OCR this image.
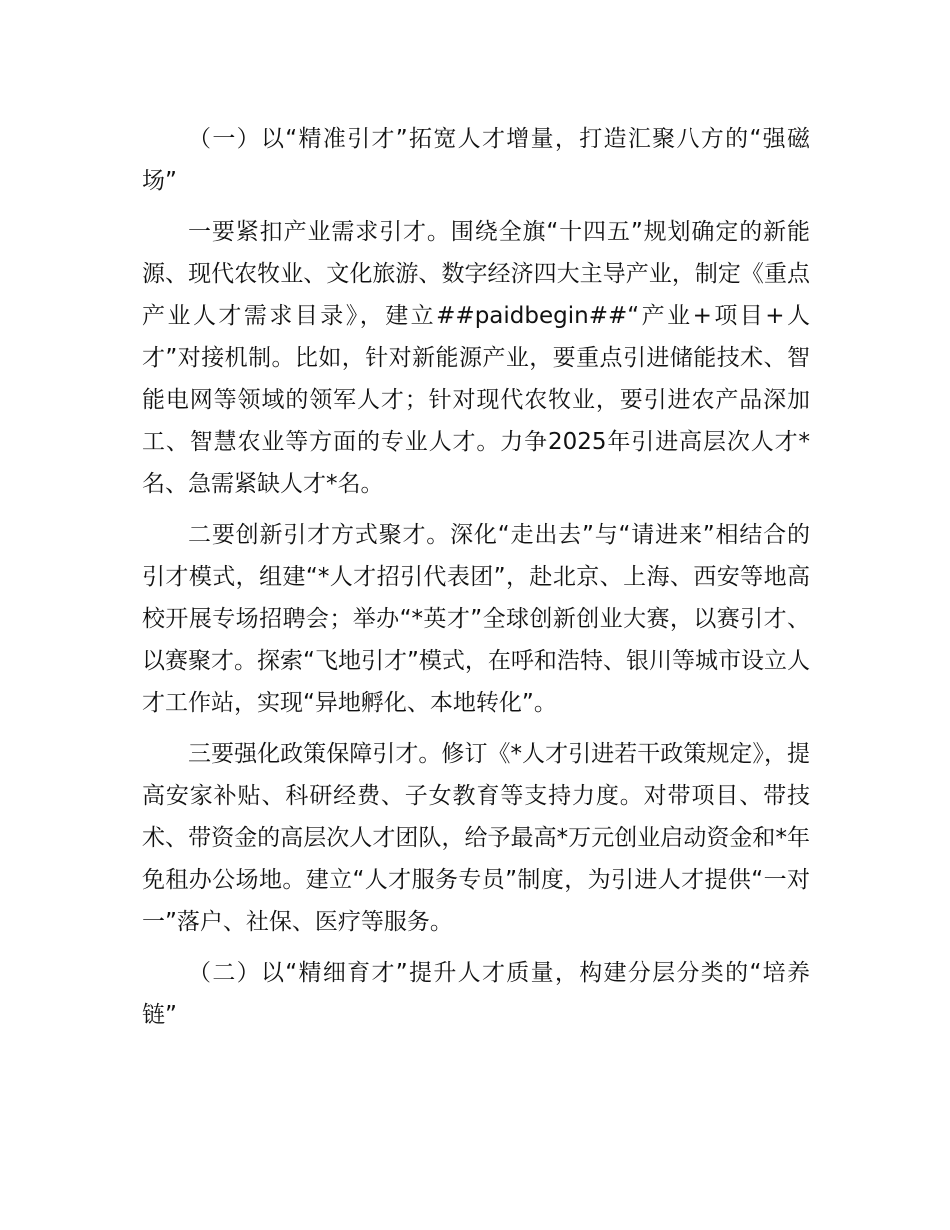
（一）以“精准引才”拓宽人才增量，打造汇聚八方的“强磁场”

一要紧扣产业需求引才。围绕全旗“十四五”规划确定的新能源、现代农牧业、文化旅游、数字经济四大主导产业，制定《重点产业人才需求目录》，建立##paidbegin##“产业+项目+人才”对接机制。比如，针对新能源产业，要重点引进储能技术、智能电网等领域的领军人才；针对现代农牧业，要引进农产品深加工、智慧农业等方面的专业人才。力争2025年引进高层次人才*名、急需紧缺人才*名。

二要创新引才方式聚才。深化“走出去”与“请进来”相结合的引才模式，组建“*人才招引代表团”，赴北京、上海、西安等地高校开展专场招聘会；举办“*英才”全球创新创业大赛，以赛引才、以赛聚才。探索“飞地引才”模式，在呼和浩特、银川等城市设立人才工作站，实现“异地孵化、本地转化”。

三要强化政策保障引才。修订《*人才引进若干政策规定》，提高安家补贴、科研经费、子女教育等支持力度。对带项目、带技术、带资金的高层次人才团队，给予最高*万元创业启动资金和*年免租办公场地。建立“人才服务专员”制度，为引进人才提供“一对一”落户、社保、医疗等服务。

（二）以“精细育才”提升人才质量，构建分层分类的“培养链”
